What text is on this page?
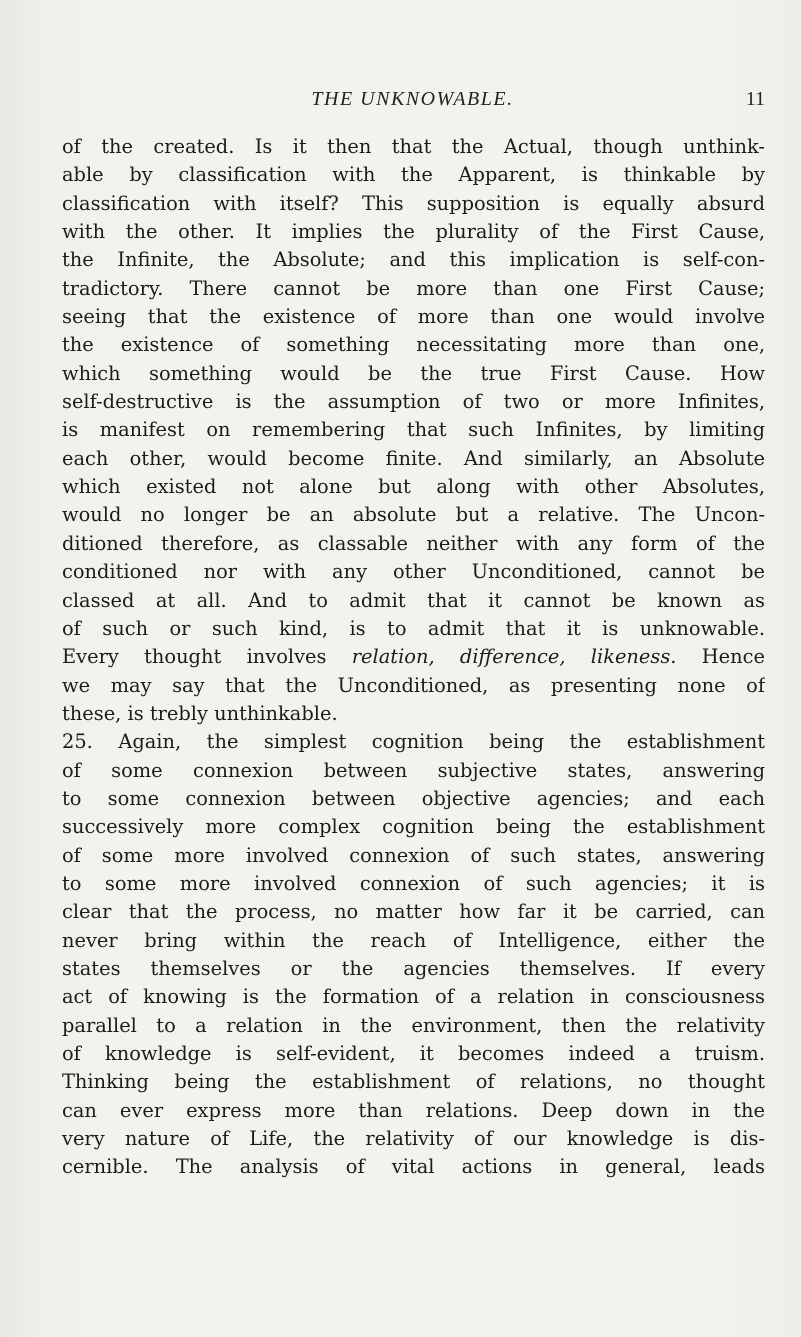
THE UNKNOWABLE.	11
of the created. Is it then that the Actual, though unthink-
able by classification with the Apparent, is thinkable by
classification with itself? This supposition is equally absurd
with the other. It implies the plurality of the First Cause,
the Infinite, the Absolute; and this implication is self-con-
tradictory. There cannot be more than one First Cause;
seeing that the existence of more than one would involve
the existence of something necessitating more than one,
which something would be the true First Cause. How
self-destructive is the assumption of two or more Infinites,
is manifest on remembering that such Infinites, by limiting
each other, would become finite. And similarly, an Absolute
which existed not alone but along with other Absolutes,
would no longer be an absolute but a relative. The Uncon-
ditioned therefore, as classable neither with any form of the
conditioned nor with any other Unconditioned, cannot be
classed at all. And to admit that it cannot be known as
of such or such kind, is to admit that it is unknowable.
Every thought involves relation, difference, likeness. Hence
we may say that the Unconditioned, as presenting none of
these, is trebly unthinkable.
25. Again, the simplest cognition being the establishment
of some connexion between subjective states, answering
to some connexion between objective agencies; and each
successively more complex cognition being the establishment
of some more involved connexion of such states, answering
to some more involved connexion of such agencies; it is
clear that the process, no matter how far it be carried, can
never bring within the reach of Intelligence, either the
states themselves or the agencies themselves. If every
act of knowing is the formation of a relation in consciousness
parallel to a relation in the environment, then the relativity
of knowledge is self-evident, it becomes indeed a truism.
Thinking being the establishment of relations, no thought
can ever express more than relations. Deep down in the
very nature of Life, the relativity of our knowledge is dis-
cernible. The analysis of vital actions in general, leads
